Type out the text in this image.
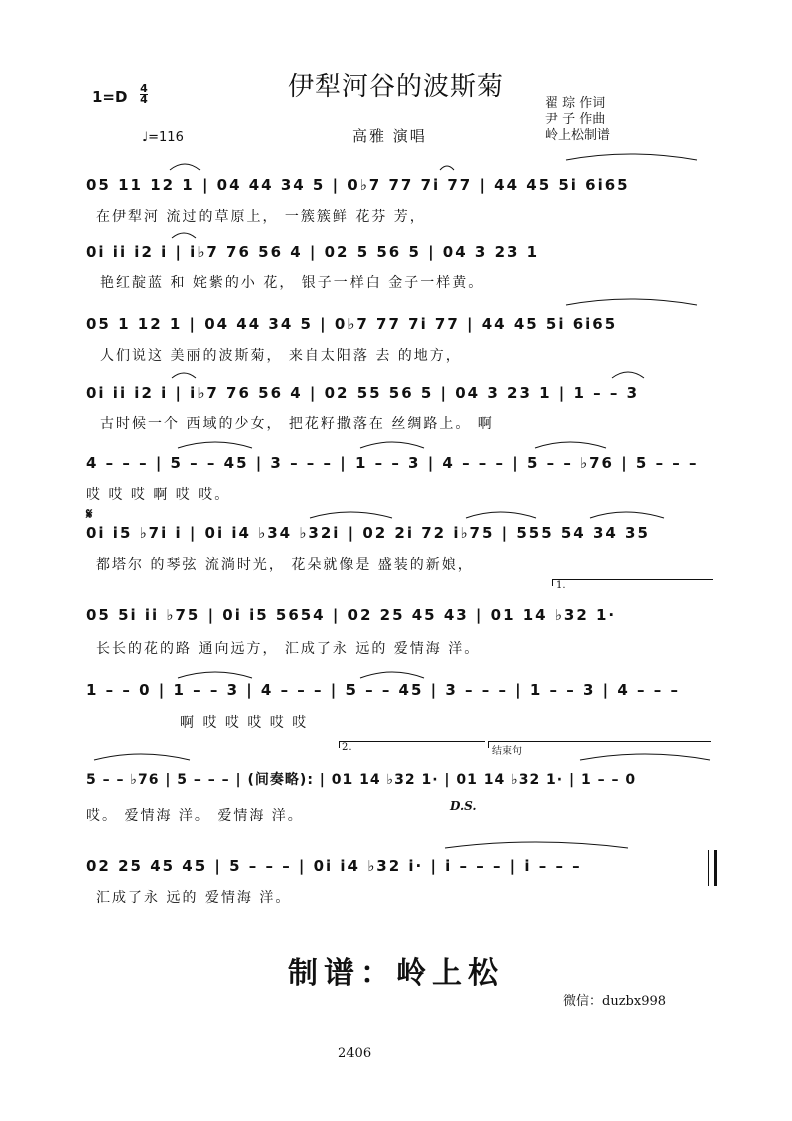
伊犁河谷的波斯菊
1=D 4
4
♩=116	高雅 演唱
翟 琮 作词
尹 子 作曲
岭上松制谱
05 11 12 1 | 04 44 34 5 | 0♭7 77 7i 77 | 44 45 5i 6i65
在伊犁河 流过的草原上， 一簇簇鲜 花芬 芳，
0i ii i2 i | i♭7 76 56 4 | 02 5 56 5 | 04 3 23 1
艳红靛蓝 和 姹紫的小 花， 银子一样白 金子一样黄。
05 1 12 1 | 04 44 34 5 | 0♭7 77 7i 77 | 44 45 5i 6i65
人们说这 美丽的波斯菊， 来自太阳落 去 的地方，
0i ii i2 i | i♭7 76 56 4 | 02 55 56 5 | 04 3 23 1 | 1 – – 3
古时候一个 西域的少女， 把花籽撒落在 丝绸路上。 啊
4 – – – | 5 – – 45 | 3 – – – | 1 – – 3 | 4 – – – | 5 – – ♭76 | 5 – – –
哎 哎 哎 啊 哎 哎。
𝄋
0i i5 ♭7i i | 0i i4 ♭34 ♭32i | 02 2i 72 i♭75 | 555 54 34 35
都塔尔 的琴弦 流淌时光， 花朵就像是 盛装的新娘，
1.
05 5i ii ♭75 | 0i i5 5654 | 02 25 45 43 | 01 14 ♭32 1·
长长的花的路 通向远方， 汇成了永 远的 爱情海 洋。
1 – – 0 | 1 – – 3 | 4 – – – | 5 – – 45 | 3 – – – | 1 – – 3 | 4 – – –
啊 哎 哎 哎 哎 哎
2.	结束句
5 – – ♭76 | 5 – – – | (间奏略): | 01 14 ♭32 1· | 01 14 ♭32 1· | 1 – – 0
哎。 爱情海 洋。 爱情海 洋。
D.S.
02 25 45 45 | 5 – – – | 0i i4 ♭32 i· | i – – – | i – – –
汇成了永 远的 爱情海 洋。
制谱：岭上松
微信：duzbx998
2406
